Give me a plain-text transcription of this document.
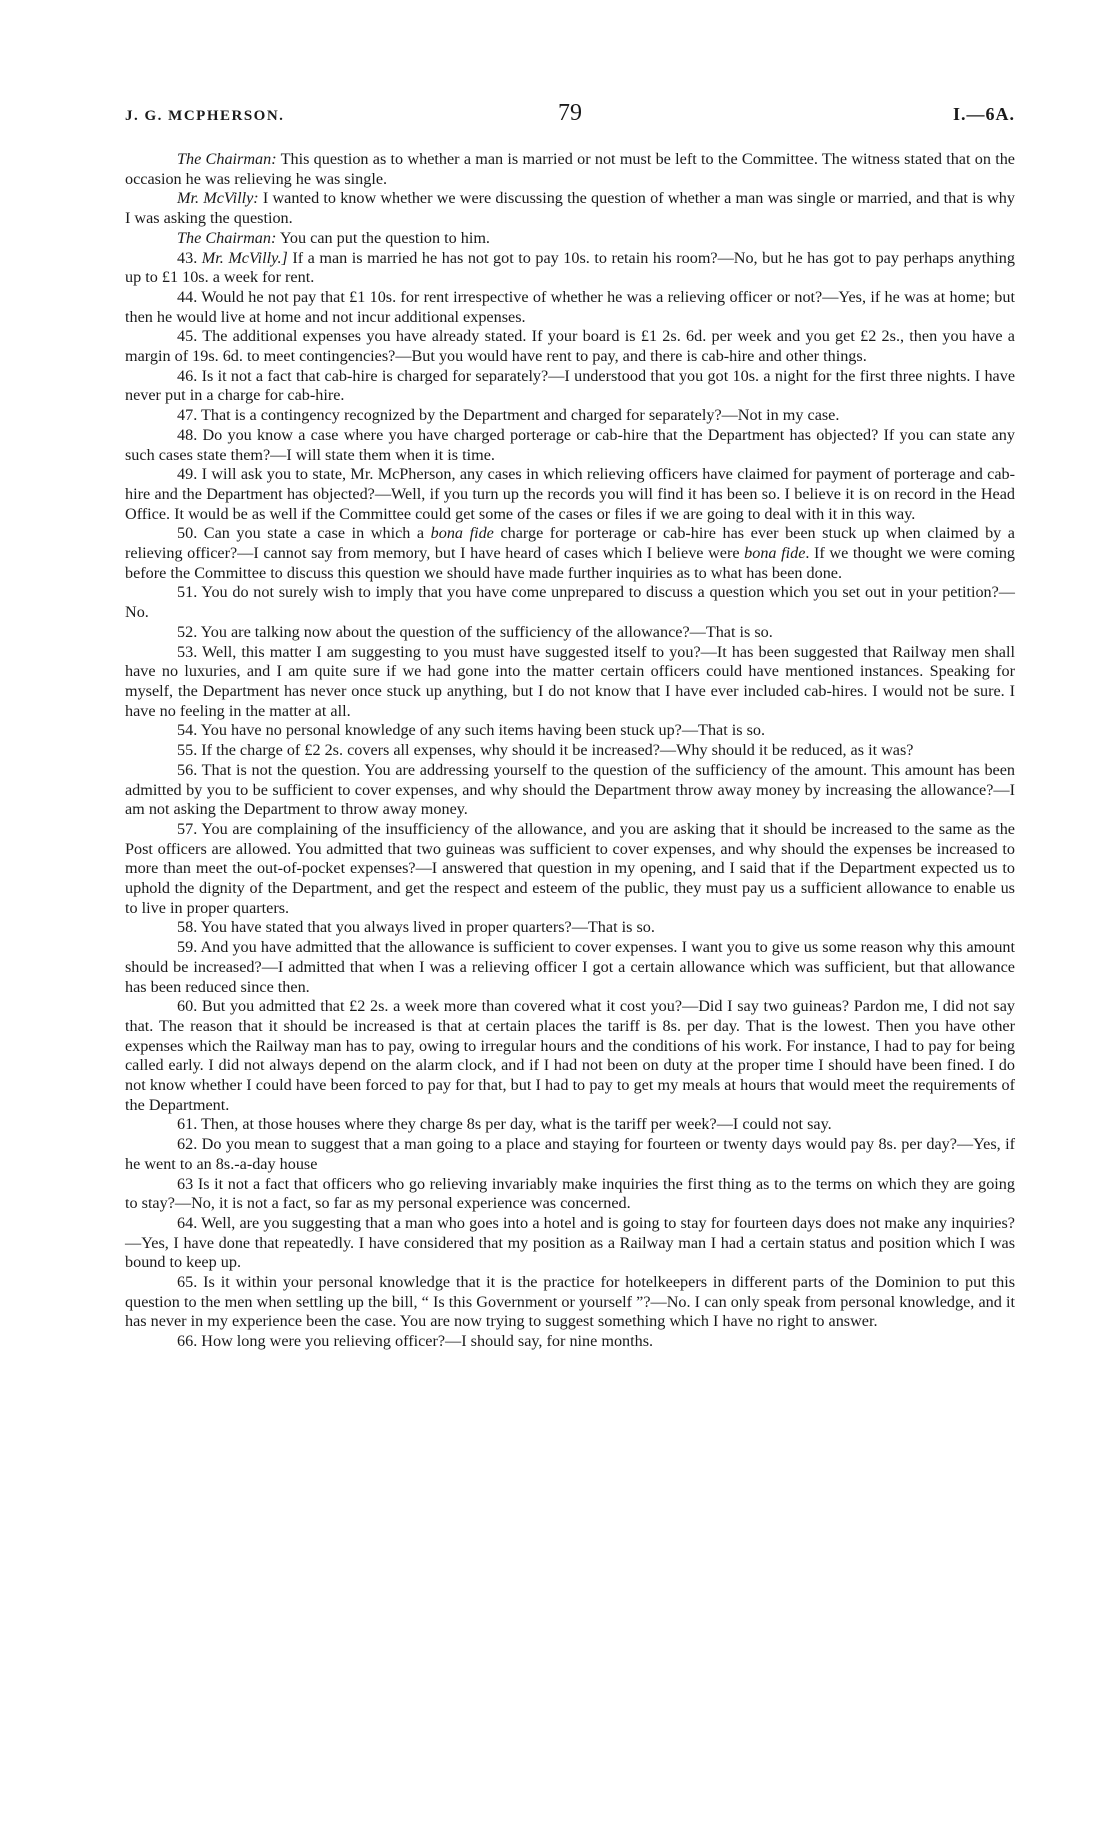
J. G. MCPHERSON.	79	I.—6A.

The Chairman: This question as to whether a man is married or not must be left to the Committee. The witness stated that on the occasion he was relieving he was single.

Mr. McVilly: I wanted to know whether we were discussing the question of whether a man was single or married, and that is why I was asking the question.

The Chairman: You can put the question to him.

43. Mr. McVilly.] If a man is married he has not got to pay 10s. to retain his room?—No, but he has got to pay perhaps anything up to £1 10s. a week for rent.

44. Would he not pay that £1 10s. for rent irrespective of whether he was a relieving officer or not?—Yes, if he was at home; but then he would live at home and not incur additional expenses.

45. The additional expenses you have already stated. If your board is £1 2s. 6d. per week and you get £2 2s., then you have a margin of 19s. 6d. to meet contingencies?—But you would have rent to pay, and there is cab-hire and other things.

46. Is it not a fact that cab-hire is charged for separately?—I understood that you got 10s. a night for the first three nights. I have never put in a charge for cab-hire.

47. That is a contingency recognized by the Department and charged for separately?—Not in my case.

48. Do you know a case where you have charged porterage or cab-hire that the Department has objected? If you can state any such cases state them?—I will state them when it is time.

49. I will ask you to state, Mr. McPherson, any cases in which relieving officers have claimed for payment of porterage and cab-hire and the Department has objected?—Well, if you turn up the records you will find it has been so. I believe it is on record in the Head Office. It would be as well if the Committee could get some of the cases or files if we are going to deal with it in this way.

50. Can you state a case in which a bona fide charge for porterage or cab-hire has ever been stuck up when claimed by a relieving officer?—I cannot say from memory, but I have heard of cases which I believe were bona fide. If we thought we were coming before the Committee to discuss this question we should have made further inquiries as to what has been done.

51. You do not surely wish to imply that you have come unprepared to discuss a question which you set out in your petition?—No.

52. You are talking now about the question of the sufficiency of the allowance?—That is so.

53. Well, this matter I am suggesting to you must have suggested itself to you?—It has been suggested that Railway men shall have no luxuries, and I am quite sure if we had gone into the matter certain officers could have mentioned instances. Speaking for myself, the Department has never once stuck up anything, but I do not know that I have ever included cab-hires. I would not be sure. I have no feeling in the matter at all.

54. You have no personal knowledge of any such items having been stuck up?—That is so.

55. If the charge of £2 2s. covers all expenses, why should it be increased?—Why should it be reduced, as it was?

56. That is not the question. You are addressing yourself to the question of the sufficiency of the amount. This amount has been admitted by you to be sufficient to cover expenses, and why should the Department throw away money by increasing the allowance?—I am not asking the Department to throw away money.

57. You are complaining of the insufficiency of the allowance, and you are asking that it should be increased to the same as the Post officers are allowed. You admitted that two guineas was sufficient to cover expenses, and why should the expenses be increased to more than meet the out-of-pocket expenses?—I answered that question in my opening, and I said that if the Department expected us to uphold the dignity of the Department, and get the respect and esteem of the public, they must pay us a sufficient allowance to enable us to live in proper quarters.

58. You have stated that you always lived in proper quarters?—That is so.

59. And you have admitted that the allowance is sufficient to cover expenses. I want you to give us some reason why this amount should be increased?—I admitted that when I was a relieving officer I got a certain allowance which was sufficient, but that allowance has been reduced since then.

60. But you admitted that £2 2s. a week more than covered what it cost you?—Did I say two guineas? Pardon me, I did not say that. The reason that it should be increased is that at certain places the tariff is 8s. per day. That is the lowest. Then you have other expenses which the Railway man has to pay, owing to irregular hours and the conditions of his work. For instance, I had to pay for being called early. I did not always depend on the alarm clock, and if I had not been on duty at the proper time I should have been fined. I do not know whether I could have been forced to pay for that, but I had to pay to get my meals at hours that would meet the requirements of the Department.

61. Then, at those houses where they charge 8s per day, what is the tariff per week?—I could not say.

62. Do you mean to suggest that a man going to a place and staying for fourteen or twenty days would pay 8s. per day?—Yes, if he went to an 8s.-a-day house

63 Is it not a fact that officers who go relieving invariably make inquiries the first thing as to the terms on which they are going to stay?—No, it is not a fact, so far as my personal experience was concerned.

64. Well, are you suggesting that a man who goes into a hotel and is going to stay for fourteen days does not make any inquiries?—Yes, I have done that repeatedly. I have considered that my position as a Railway man I had a certain status and position which I was bound to keep up.

65. Is it within your personal knowledge that it is the practice for hotelkeepers in different parts of the Dominion to put this question to the men when settling up the bill, “ Is this Government or yourself ”?—No. I can only speak from personal knowledge, and it has never in my experience been the case. You are now trying to suggest something which I have no right to answer.

66. How long were you relieving officer?—I should say, for nine months.
